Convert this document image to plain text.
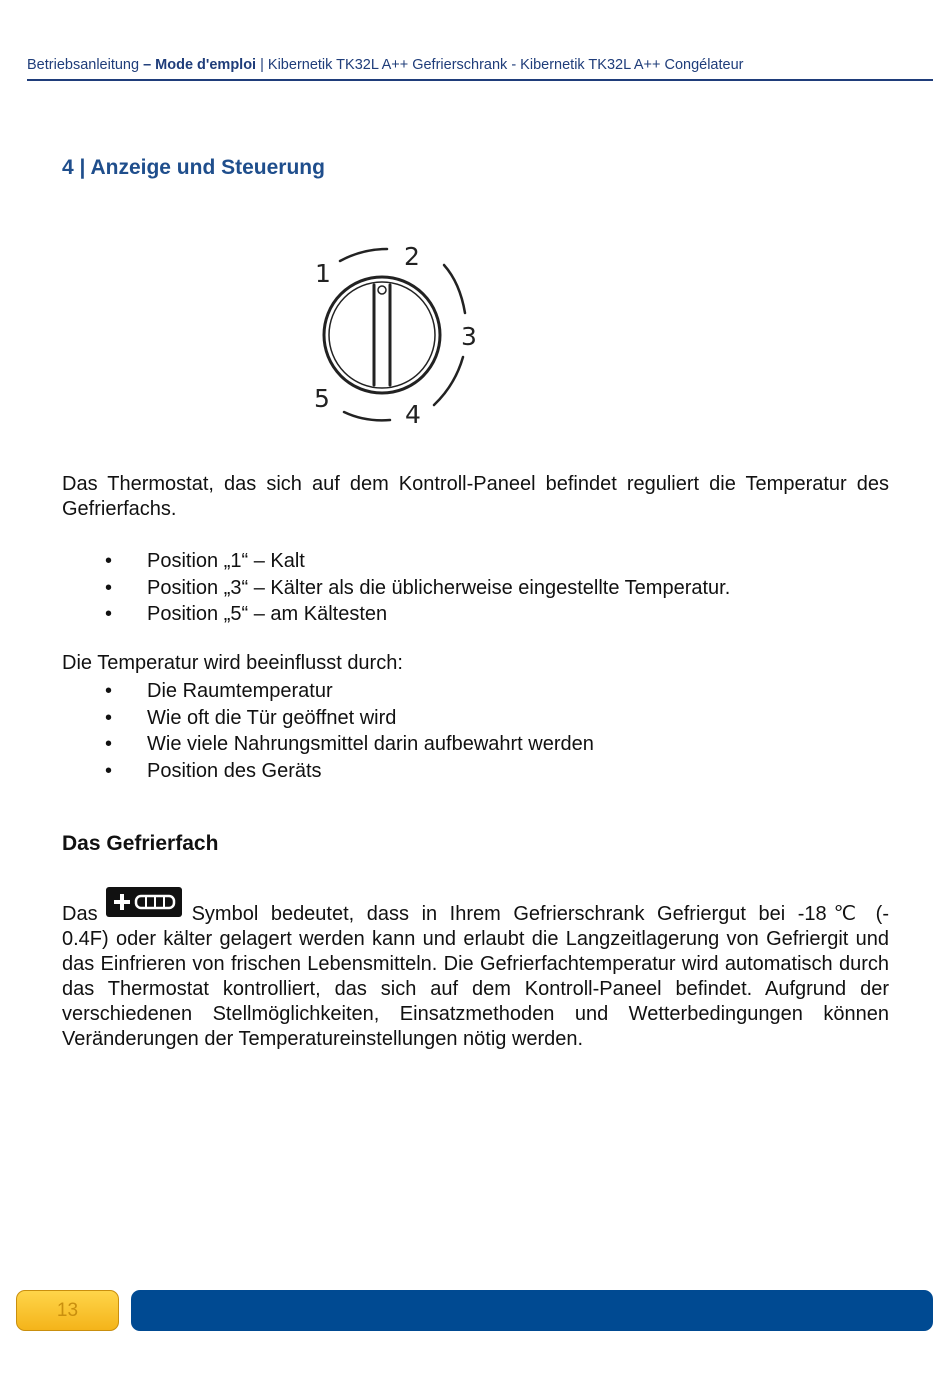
Betriebsanleitung – Mode d'emploi | Kibernetik TK32L A++ Gefrierschrank - Kibernetik TK32L A++ Congélateur
4 | Anzeige und Steuerung
1
2
3
4
5

Das Thermostat, das sich auf dem Kontroll-Paneel befindet reguliert die Temperatur des Gefrierfachs.

• Position „1“ – Kalt
• Position „3“ – Kälter als die üblicherweise eingestellte Temperatur.
• Position „5“ – am Kältesten

Die Temperatur wird beeinflusst durch:

• Die Raumtemperatur
• Wie oft die Tür geöffnet wird
• Wie viele Nahrungsmittel darin aufbewahrt werden
• Position des Geräts
Das Gefrierfach
Das	Symbol bedeutet, dass in Ihrem Gefrierschrank Gefriergut bei -18℃ (-
0.4F) oder kälter gelagert werden kann und erlaubt die Langzeitlagerung von Gefriergit und das Einfrieren von frischen Lebensmitteln. Die Gefrierfachtemperatur wird automatisch durch das Thermostat kontrolliert, das sich auf dem Kontroll-Paneel befindet. Aufgrund der verschiedenen Stellmöglichkeiten, Einsatzmethoden und Wetterbedingungen können Veränderungen der Temperatureinstellungen nötig werden.
13
